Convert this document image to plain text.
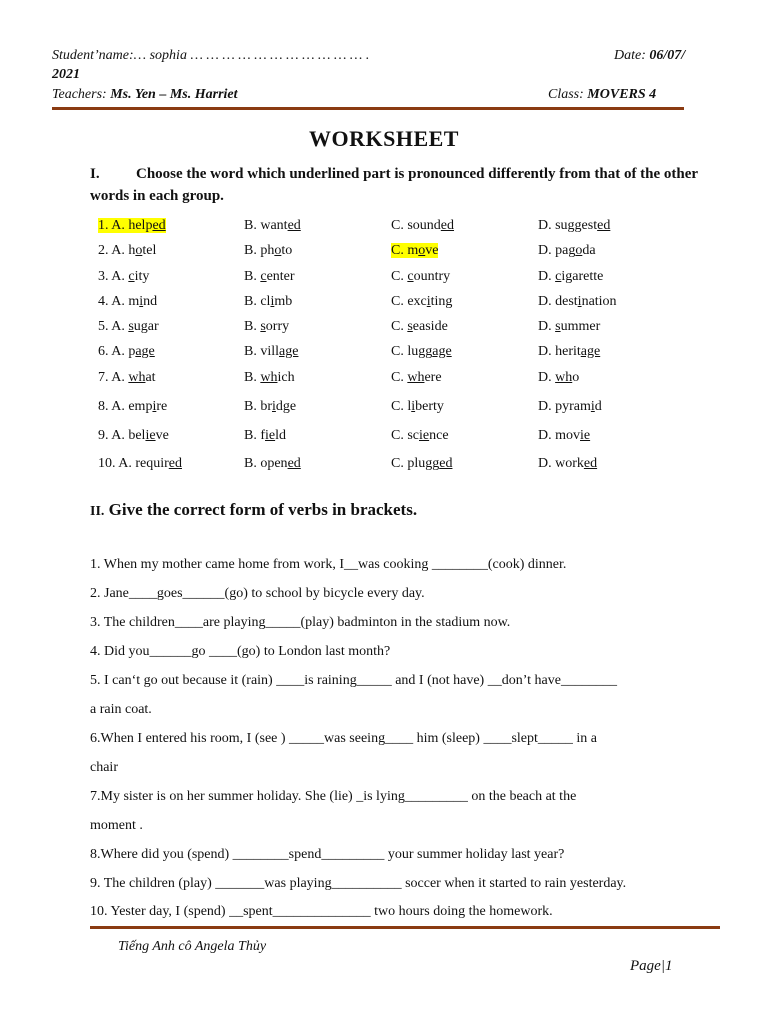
Student’name:… sophia … … … … … … … … … … … .	Date: 06/07/
2021
Teachers: Ms. Yen – Ms. Harriet	Class: MOVERS 4
WORKSHEET
I. Choose the word which underlined part is pronounced differently from that of the other words in each group.
1. A. helped	B. wanted	C. sounded	D. suggested
2. A. hotel	B. photo	C. move	D. pagoda
3. A. city	B. center	C. country	D. cigarette
4. A. mind	B. climb	C. exciting	D. destination
5. A. sugar	B. sorry	C. seaside	D. summer
6. A. page	B. village	C. luggage	D. heritage
7. A. what	B. which	C. where	D. who
8. A. empire	B. bridge	C. liberty	D. pyramid
9. A. believe	B. field	C. science	D. movie
10. A. required	B. opened	C. plugged	D. worked
II. Give the correct form of verbs in brackets.
1. When my mother came home from work, I__was cooking ________(cook) dinner.
2. Jane____goes______(go) to school by bicycle every day.
3. The children____are playing_____(play) badminton in the stadium now.
4. Did you______go ____(go) to London last month?
5. I can‘t go out because it (rain) ____is raining_____ and I (not have) __don’t have________
a rain coat.
6.When I entered his room, I (see ) _____was seeing____ him (sleep) ____slept_____ in a
chair
7.My sister is on her summer holiday. She (lie) _is lying_________ on the beach at the
moment .
8.Where did you (spend) ________spend_________ your summer holiday last year?
9. The children (play) _______was playing__________ soccer when it started to rain yesterday.
10. Yester day, I (spend) __spent______________ two hours doing the homework.
Tiếng Anh cô Angela Thủy
Page|1
